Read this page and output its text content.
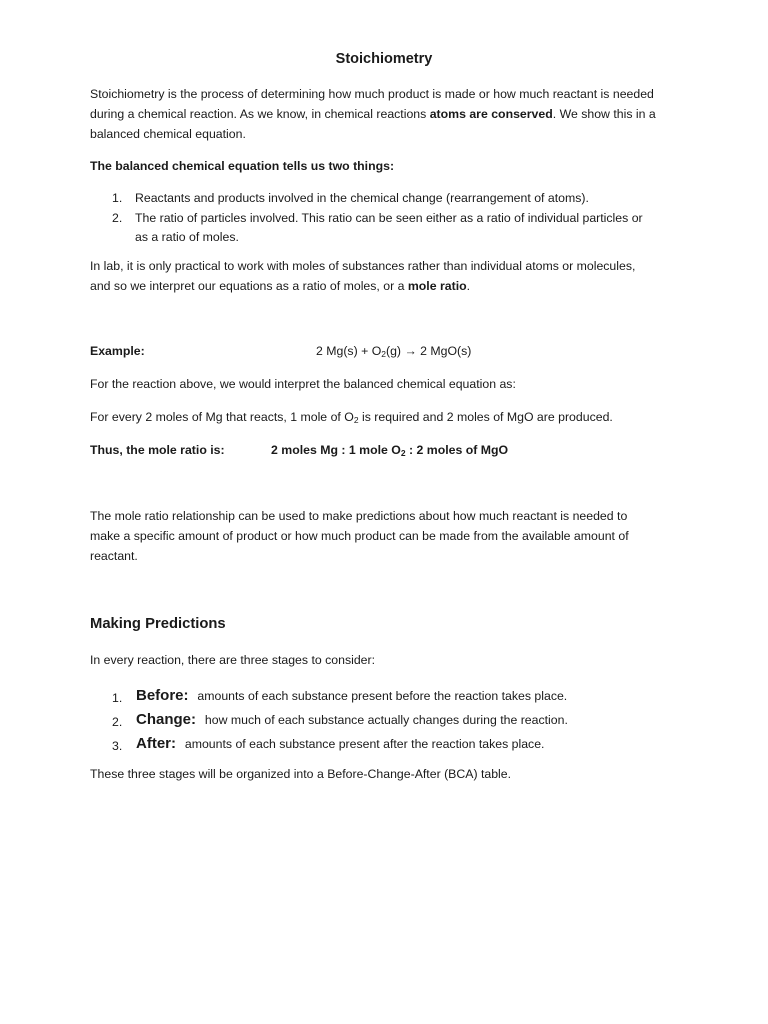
Stoichiometry
Stoichiometry is the process of determining how much product is made or how much reactant is needed
during a chemical reaction. As we know, in chemical reactions atoms are conserved. We show this in a
balanced chemical equation.
The balanced chemical equation tells us two things:
1. Reactants and products involved in the chemical change (rearrangement of atoms).
2. The ratio of particles involved. This ratio can be seen either as a ratio of individual particles or
as a ratio of moles.
In lab, it is only practical to work with moles of substances rather than individual atoms or molecules,
and so we interpret our equations as a ratio of moles, or a mole ratio.
Example:	2 $Mg(s) + O_2(g) \to 2$ MgO(s)
For the reaction above, we would interpret the balanced chemical equation as:
For every 2 moles of Mg that reacts, 1 mole of $O_2$ is required and 2 moles of MgO are produced.
Thus, the mole ratio is:	2 moles Mg : 1 mole $O_2$ : 2 moles of MgO
The mole ratio relationship can be used to make predictions about how much reactant is needed to
make a specific amount of product or how much product can be made from the available amount of
reactant.
Making Predictions
In every reaction, there are three stages to consider:
1. Before: amounts of each substance present before the reaction takes place.
2. Change: how much of each substance actually changes during the reaction.
3. After: amounts of each substance present after the reaction takes place.
These three stages will be organized into a Before-Change-After (BCA) table.
